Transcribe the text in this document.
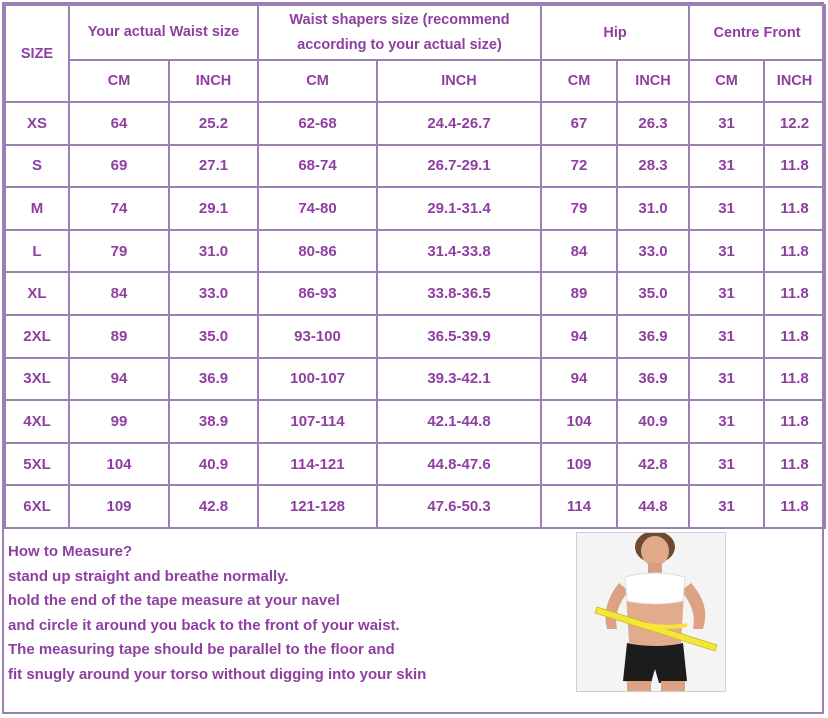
SIZE	Your actual Waist size		Waist shapers size (recommend according to your actual size)		Hip		Centre Front	
	CM	INCH	CM	INCH	CM	INCH	CM	INCH
XS	64	25.2	62-68	24.4-26.7	67	26.3	31	12.2
S	69	27.1	68-74	26.7-29.1	72	28.3	31	11.8
M	74	29.1	74-80	29.1-31.4	79	31.0	31	11.8
L	79	31.0	80-86	31.4-33.8	84	33.0	31	11.8
XL	84	33.0	86-93	33.8-36.5	89	35.0	31	11.8
2XL	89	35.0	93-100	36.5-39.9	94	36.9	31	11.8
3XL	94	36.9	100-107	39.3-42.1	94	36.9	31	11.8
4XL	99	38.9	107-114	42.1-44.8	104	40.9	31	11.8
5XL	104	40.9	114-121	44.8-47.6	109	42.8	31	11.8
6XL	109	42.8	121-128	47.6-50.3	114	44.8	31	11.8
How to Measure?
stand up straight and breathe normally.
hold the end of the tape measure at your navel
and circle it around you back to the front of your waist.
The measuring tape should be parallel to the floor and
fit snugly around your torso without digging into your skin
